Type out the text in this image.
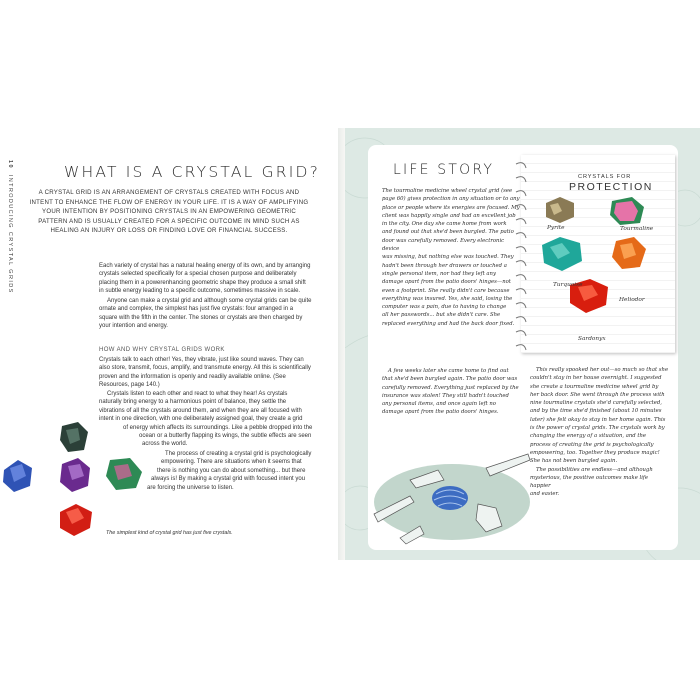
10  INTRODUCING CRYSTAL GRIDS
WHAT IS A CRYSTAL GRID?
A CRYSTAL GRID IS AN ARRANGEMENT OF CRYSTALS CREATED WITH FOCUS AND
INTENT TO ENHANCE THE FLOW OF ENERGY IN YOUR LIFE. IT IS A WAY OF AMPLIFYING
YOUR INTENTION BY POSITIONING CRYSTALS IN AN EMPOWERING GEOMETRIC
PATTERN AND IS USUALLY CREATED FOR A SPECIFIC OUTCOME IN MIND SUCH AS
HEALING AN INJURY OR LOSS OR FINDING LOVE OR FINANCIAL SUCCESS.
Each variety of crystal has a natural healing energy of its own, and by arranging
crystals selected specifically for a special chosen purpose and deliberately
placing them in a powerenhancing geometric shape they produce a small shift
in subtle energy leading to a specific outcome, sometimes massive in scale.
Anyone can make a crystal grid and although some crystal grids can be quite
ornate and complex, the simplest has just five crystals: four arranged in a
square with the fifth in the center. The stones or crystals are then charged by
your intention and energy.
HOW AND WHY CRYSTAL GRIDS WORK
Crystals talk to each other! Yes, they vibrate, just like sound waves. They can
also store, transmit, focus, amplify, and transmute energy. All this is scientifically
proven and the information is openly and readily available online. (See
Resources, page 140.)
Crystals listen to each other and react to what they hear! As crystals
naturally bring energy to a harmonious point of balance, they settle the
vibrations of all the crystals around them, and when they are all focused with
intent in one direction, with one deliberately assigned goal, they create a grid
of energy which affects its surroundings. Like a pebble dropped into the
ocean or a butterfly flapping its wings, the subtle effects are seen
across the world.
The process of creating a crystal grid is psychologically
empowering. There are situations when it seems that
there is nothing you can do about something... but there
always is! By making a crystal grid with focused intent you
are forcing the universe to listen.
The simplest kind of crystal grid has just five crystals.
LIFE STORY
The tourmaline medicine wheel crystal grid (see
page 60) gives protection in any situation or to any
place or people where its energies are focused. My
client was happily single and had an excellent job
in the city. One day she came home from work
and found out that she'd been burgled. The patio
door was carefully removed. Every electronic device
was missing, but nothing else was touched. They
hadn't been through her drawers or touched a
single personal item, nor had they left any
damage apart from the patio doors' hinges—not
even a footprint. She really didn't care because
everything was insured. Yes, she said, losing the
computer was a pain, due to having to change
all her passwords... but she didn't care. She
replaced everything and had the back door fixed.
A few weeks later she came home to find out
that she'd been burgled again. The patio door was
carefully removed. Everything just replaced by the
insurance was stolen! They still hadn't touched
any personal items, and once again left no
damage apart from the patio doors' hinges.
This really spooked her out—so much so that she
couldn't stay in her house overnight. I suggested
she create a tourmaline medicine wheel grid by
her back door. She went through the process with
nine tourmaline crystals she'd carefully selected,
and by the time she'd finished (about 10 minutes
later) she felt okay to stay in her home again. This
is the power of crystal grids. The crystals work by
changing the energy of a situation, and the
process of creating the grid is psychologically
empowering, too. Together they produce magic!
She has not been burgled again.
The possibilities are endless—and although
mysterious, the positive outcomes make life happier
and easier.
CRYSTALS FOR
PROTECTION
Pyrite	Tourmaline
Turquoise
Heliodor
Sardonyx
